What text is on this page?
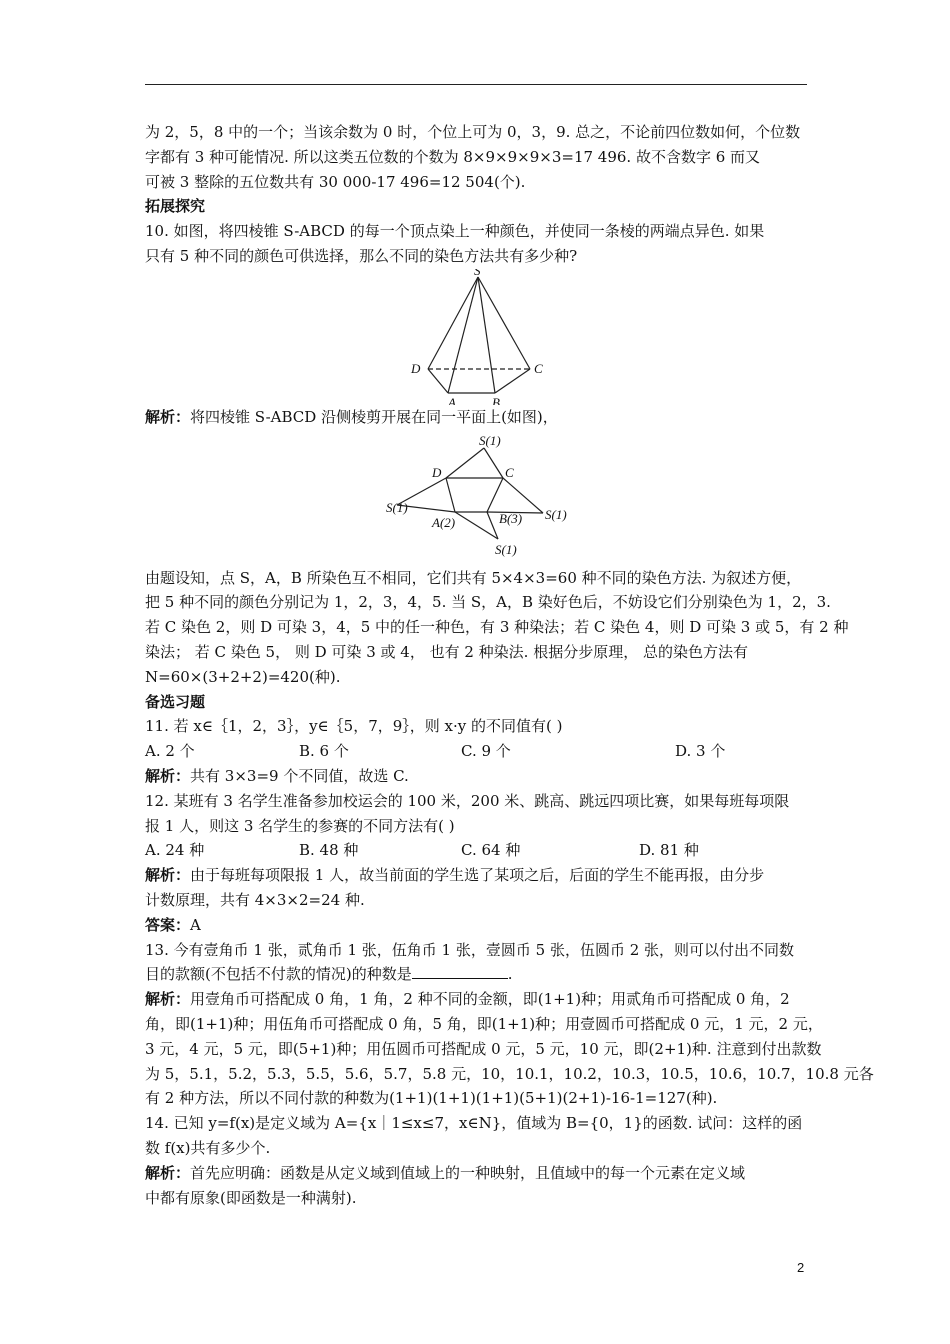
为 2，5，8 中的一个；当该余数为 0 时，个位上可为 0，3，9. 总之，不论前四位数如何，个位数
字都有 3 种可能情况. 所以这类五位数的个数为 8×9×9×9×3=17 496. 故不含数字 6 而又
可被 3 整除的五位数共有 30 000-17 496=12 504(个).
拓展探究
10. 如图，将四棱锥 S-ABCD 的每一个顶点染上一种颜色，并使同一条棱的两端点异色. 如果
只有 5 种不同的颜色可供选择，那么不同的染色方法共有多少种?
S
D	C
A	B
解析：将四棱锥 S-ABCD 沿侧棱剪开展在同一平面上(如图)，
S(1)
D	C
S(1)	S(1)
A(2)	B(3)
S(1)
由题设知，点 S，A，B 所染色互不相同，它们共有 5×4×3=60 种不同的染色方法. 为叙述方便，
把 5 种不同的颜色分别记为 1，2，3，4，5. 当 S，A，B 染好色后，不妨设它们分别染色为 1，2，3.
若 C 染色 2，则 D 可染 3，4，5 中的任一种色，有 3 种染法；若 C 染色 4，则 D 可染 3 或 5，有 2 种
染法； 若 C 染色 5， 则 D 可染 3 或 4， 也有 2 种染法. 根据分步原理， 总的染色方法有
N=60×(3+2+2)=420(种).
备选习题
11. 若 x∈｛1，2，3｝，y∈｛5，7，9｝，则 x·y 的不同值有( )
A. 2 个	B. 6 个	C. 9 个	D. 3 个
解析：共有 3×3=9 个不同值，故选 C.
12. 某班有 3 名学生准备参加校运会的 100 米，200 米、跳高、跳远四项比赛，如果每班每项限
报 1 人，则这 3 名学生的参赛的不同方法有( )
A. 24 种	B. 48 种	C. 64 种	D. 81 种
解析：由于每班每项限报 1 人，故当前面的学生选了某项之后，后面的学生不能再报，由分步
计数原理，共有 4×3×2=24 种.
答案：A
13. 今有壹角币 1 张，贰角币 1 张，伍角币 1 张，壹圆币 5 张，伍圆币 2 张，则可以付出不同数
目的款额(不包括不付款的情况)的种数是	.
解析：用壹角币可搭配成 0 角，1 角，2 种不同的金额，即(1+1)种；用贰角币可搭配成 0 角，2
角，即(1+1)种；用伍角币可搭配成 0 角，5 角，即(1+1)种；用壹圆币可搭配成 0 元，1 元，2 元，
3 元，4 元，5 元，即(5+1)种；用伍圆币可搭配成 0 元，5 元，10 元，即(2+1)种. 注意到付出款数
为 5，5.1，5.2，5.3，5.5，5.6，5.7，5.8 元，10，10.1，10.2，10.3，10.5，10.6，10.7，10.8 元各
有 2 种方法，所以不同付款的种数为(1+1)(1+1)(1+1)(5+1)(2+1)-16-1=127(种).
14. 已知 y=f(x)是定义域为 A={x｜1≤x≤7，x∈N}，值域为 B={0，1}的函数. 试问：这样的函
数 f(x)共有多少个.
解析：首先应明确：函数是从定义域到值域上的一种映射，且值域中的每一个元素在定义域
中都有原象(即函数是一种满射).
2
